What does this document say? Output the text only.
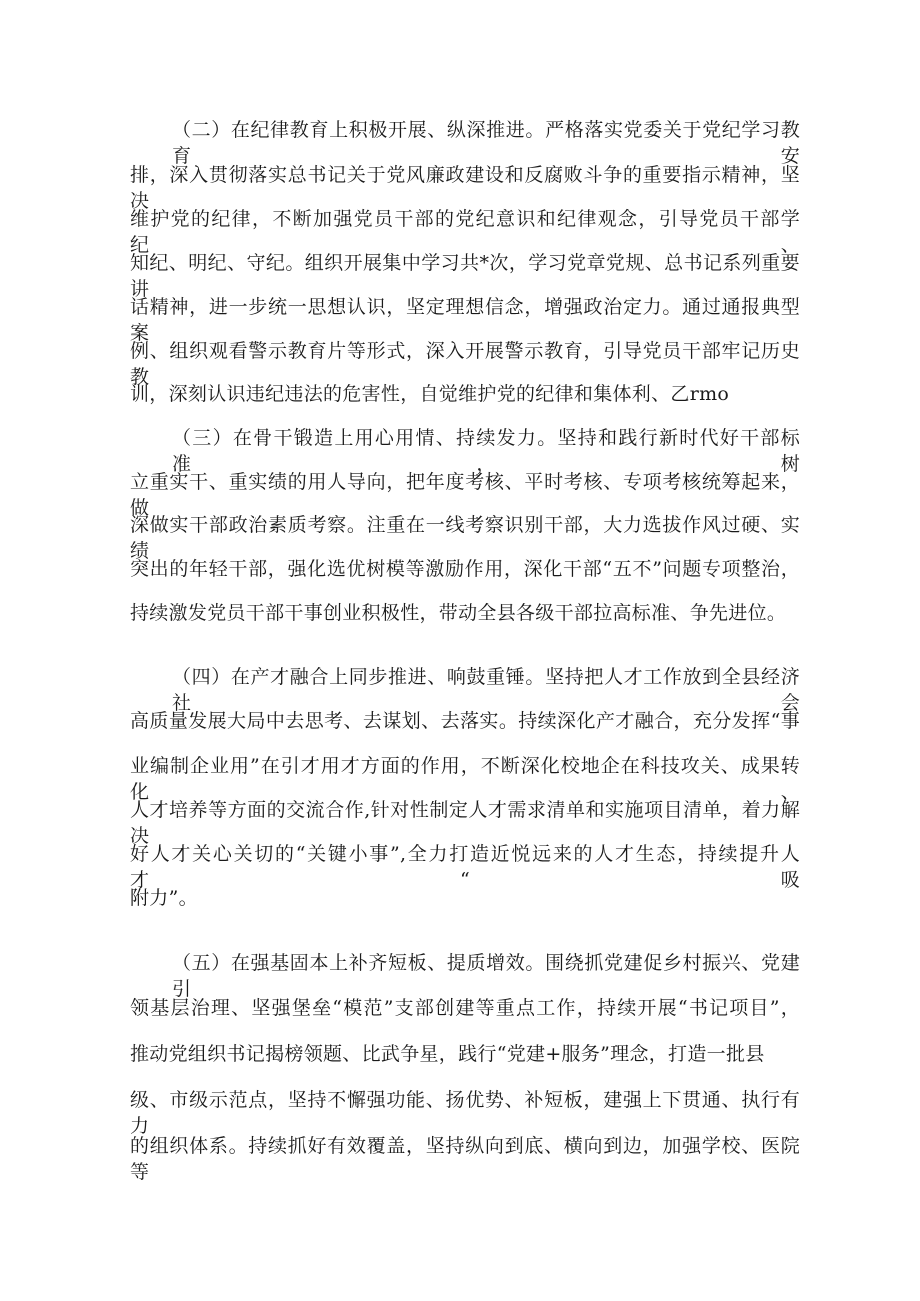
（二）在纪律教育上积极开展、纵深推进。严格落实党委关于党纪学习教育安
排，深入贯彻落实总书记关于党风廉政建设和反腐败斗争的重要指示精神，坚决
维护党的纪律，不断加强党员干部的党纪意识和纪律观念，引导党员干部学纪、
知纪、明纪、守纪。组织开展集中学习共*次，学习党章党规、总书记系列重要讲
话精神，进一步统一思想认识，坚定理想信念，增强政治定力。通过通报典型案
例、组织观看警示教育片等形式，深入开展警示教育，引导党员干部牢记历史教
训，深刻认识违纪违法的危害性，自觉维护党的纪律和集体利、乙rmo
（三）在骨干锻造上用心用情、持续发力。坚持和践行新时代好干部标准，树
立重实干、重实绩的用人导向，把年度考核、平时考核、专项考核统筹起来，做
深做实干部政治素质考察。注重在一线考察识别干部，大力选拔作风过硬、实绩
突出的年轻干部，强化选优树模等激励作用，深化干部“五不”问题专项整治，
持续激发党员干部干事创业积极性，带动全县各级干部拉高标准、争先进位。
（四）在产才融合上同步推进、响鼓重锤。坚持把人才工作放到全县经济社会
高质量发展大局中去思考、去谋划、去落实。持续深化产才融合，充分发挥“事
业编制企业用”在引才用才方面的作用，不断深化校地企在科技攻关、成果转化、
人才培养等方面的交流合作,针对性制定人才需求清单和实施项目清单，着力解决
好人才关心关切的“关键小事”,全力打造近悦远来的人才生态，持续提升人才“吸
附力”。
（五）在强基固本上补齐短板、提质增效。围绕抓党建促乡村振兴、党建引
领基层治理、坚强堡垒“模范”支部创建等重点工作，持续开展“书记项目”，
推动党组织书记揭榜领题、比武争星，践行“党建+服务”理念，打造一批县
级、市级示范点，坚持不懈强功能、扬优势、补短板，建强上下贯通、执行有力
的组织体系。持续抓好有效覆盖，坚持纵向到底、横向到边，加强学校、医院等
